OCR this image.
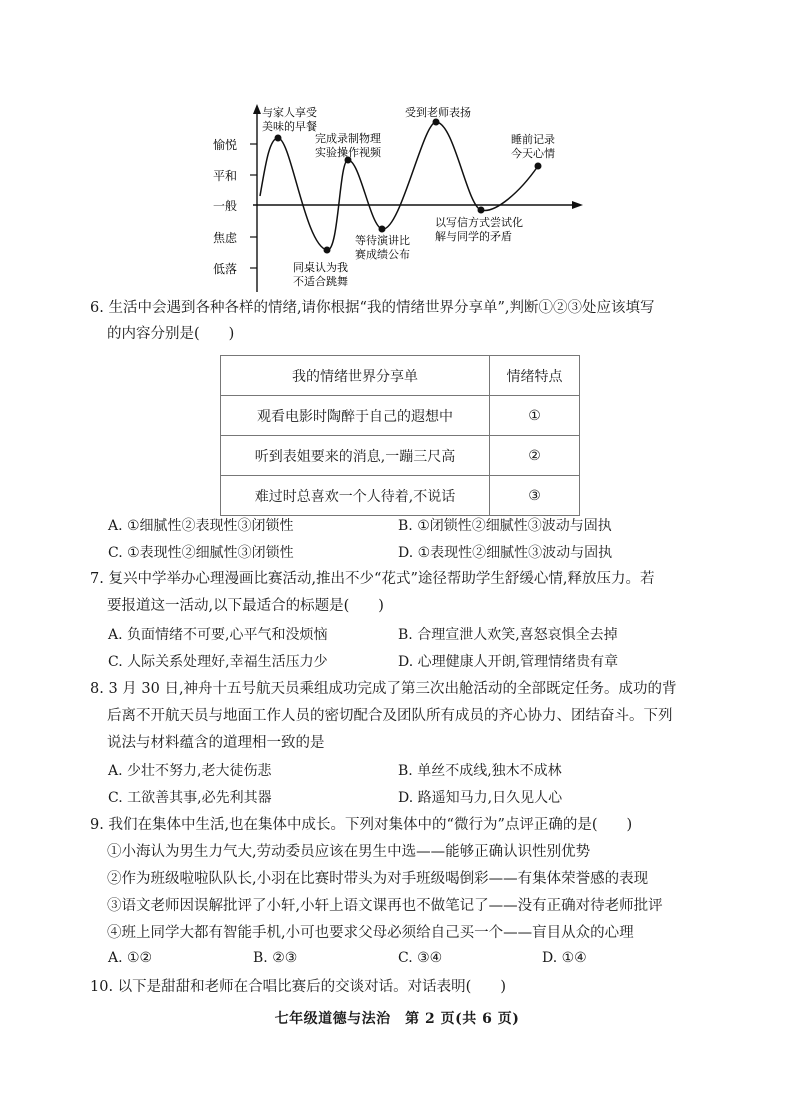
愉悦
平和
一般
焦虑
低落
与家人享受
美味的早餐
完成录制物理
实验操作视频
受到老师表扬
睡前记录
今天心情
同桌认为我
不适合跳舞
等待演讲比
赛成绩公布
以写信方式尝试化
解与同学的矛盾
6. 生活中会遇到各种各样的情绪,请你根据“我的情绪世界分享单”,判断①②③处应该填写
的内容分别是(　　)
我的情绪世界分享单	情绪特点
观看电影时陶醉于自己的遐想中	①
听到表姐要来的消息,一蹦三尺高	②
难过时总喜欢一个人待着,不说话	③
A. ①细腻性②表现性③闭锁性	B. ①闭锁性②细腻性③波动与固执
C. ①表现性②细腻性③闭锁性	D. ①表现性②细腻性③波动与固执
7. 复兴中学举办心理漫画比赛活动,推出不少“花式”途径帮助学生舒缓心情,释放压力。若
要报道这一活动,以下最适合的标题是(　　)
A. 负面情绪不可要,心平气和没烦恼	B. 合理宣泄人欢笑,喜怒哀惧全去掉
C. 人际关系处理好,幸福生活压力少	D. 心理健康人开朗,管理情绪贵有章
8. 3 月 30 日,神舟十五号航天员乘组成功完成了第三次出舱活动的全部既定任务。成功的背
后离不开航天员与地面工作人员的密切配合及团队所有成员的齐心协力、团结奋斗。下列
说法与材料蕴含的道理相一致的是
A. 少壮不努力,老大徒伤悲	B. 单丝不成线,独木不成林
C. 工欲善其事,必先利其器	D. 路遥知马力,日久见人心
9. 我们在集体中生活,也在集体中成长。下列对集体中的“微行为”点评正确的是(　　)
①小海认为男生力气大,劳动委员应该在男生中选——能够正确认识性别优势
②作为班级啦啦队队长,小羽在比赛时带头为对手班级喝倒彩——有集体荣誉感的表现
③语文老师因误解批评了小轩,小轩上语文课再也不做笔记了——没有正确对待老师批评
④班上同学大都有智能手机,小可也要求父母必须给自己买一个——盲目从众的心理
A. ①②	B. ②③	C. ③④	D. ①④
10. 以下是甜甜和老师在合唱比赛后的交谈对话。对话表明(　　)
七年级道德与法治　第 2 页(共 6 页)
